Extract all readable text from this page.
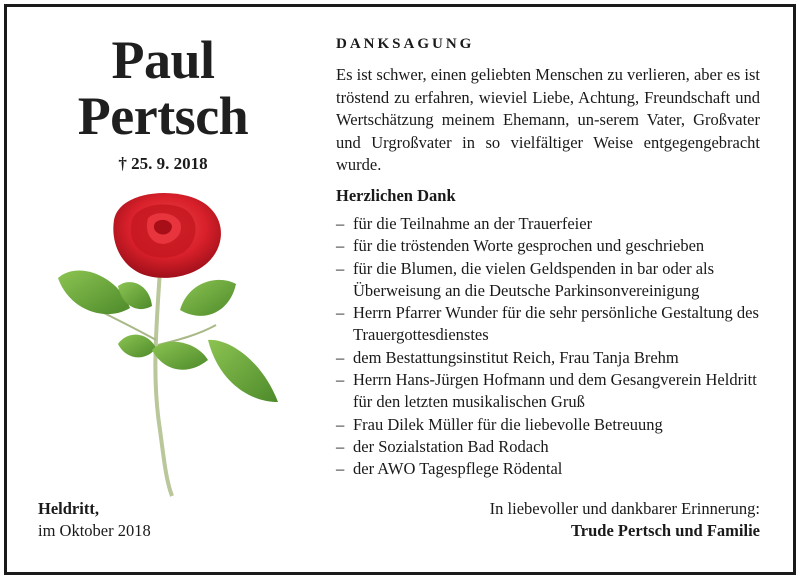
Paul
Pertsch
† 25. 9. 2018
DANKSAGUNG
Es ist schwer, einen geliebten Menschen zu verlieren, aber es ist tröstend zu erfahren, wieviel Liebe, Achtung, Freundschaft und Wertschätzung meinem Ehemann, un-serem Vater, Großvater und Urgroßvater in so vielfältiger Weise entgegengebracht wurde.
Herzlichen Dank
– für die Teilnahme an der Trauerfeier
– für die tröstenden Worte gesprochen und geschrieben
– für die Blumen, die vielen Geldspenden in bar oder als Überweisung an die Deutsche Parkinsonvereinigung
– Herrn Pfarrer Wunder für die sehr persönliche Gestaltung des Trauergottesdienstes
– dem Bestattungsinstitut Reich, Frau Tanja Brehm
– Herrn Hans-Jürgen Hofmann und dem Gesangverein Heldritt für den letzten musikalischen Gruß
– Frau Dilek Müller für die liebevolle Betreuung
– der Sozialstation Bad Rodach
– der AWO Tagespflege Rödental
Heldritt,
im Oktober 2018
In liebevoller und dankbarer Erinnerung:
Trude Pertsch und Familie
